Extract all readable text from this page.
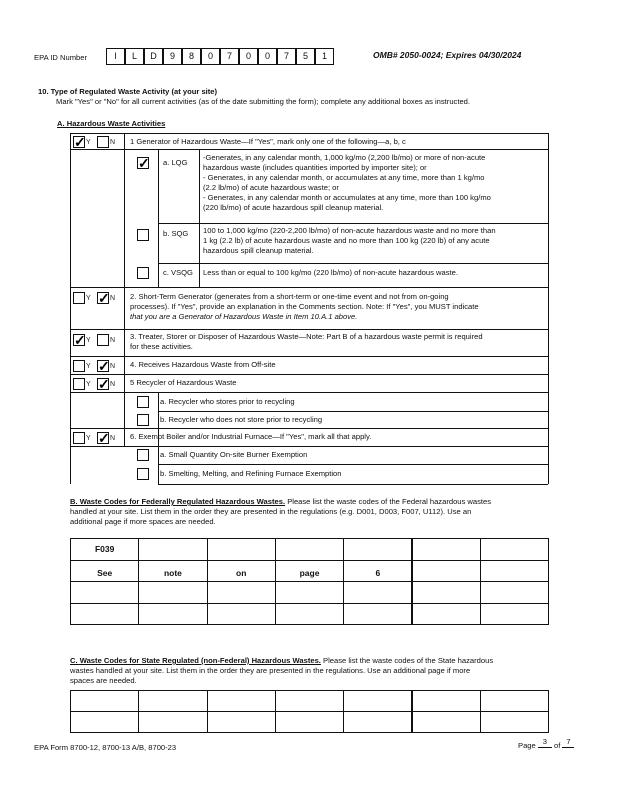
EPA ID Number	I	L	D	9	8	0	7	0	0	7	5	1	OMB# 2050-0024; Expires 04/30/2024
10. Type of Regulated Waste Activity (at your site)
Mark "Yes" or "No" for all current activities (as of the date submitting the form); complete any additional boxes as instructed.
A. Hazardous Waste Activities
✓ Y	N 1 Generator of Hazardous Waste—If "Yes", mark only one of the following—a, b, c
✓ a. LQG
-Generates, in any calendar month, 1,000 kg/mo (2,200 lb/mo) or more of non-acute
hazardous waste (includes quantities imported by importer site); or
- Generates, in any calendar month, or accumulates at any time, more than 1 kg/mo
(2.2 lb/mo) of acute hazardous waste; or
- Generates, in any calendar month or accumulates at any time, more than 100 kg/mo
(220 lb/mo) of acute hazardous spill cleanup material.
b. SQG 100 to 1,000 kg/mo (220-2,200 lb/mo) of non-acute hazardous waste and no more than
1 kg (2.2 lb) of acute hazardous waste and no more than 100 kg (220 lb) of any acute
hazardous spill cleanup material.
c. VSQG Less than or equal to 100 kg/mo (220 lb/mo) of non-acute hazardous waste.
Y ✓ N 2. Short-Term Generator (generates from a short-term or one-time event and not from on-going
processes). If "Yes", provide an explanation in the Comments section. Note: If "Yes", you MUST indicate
that you are a Generator of Hazardous Waste in Item 10.A.1 above.
✓ Y	N 3. Treater, Storer or Disposer of Hazardous Waste—Note: Part B of a hazardous waste permit is required
for these activities.
Y ✓ N 4. Receives Hazardous Waste from Off-site
Y ✓ N 5 Recycler of Hazardous Waste
a. Recycler who stores prior to recycling
b. Recycler who does not store prior to recycling
Y ✓ N 6. Exempt Boiler and/or Industrial Furnace—If "Yes", mark all that apply.
a. Small Quantity On-site Burner Exemption
b. Smelting, Melting, and Refining Furnace Exemption
B. Waste Codes for Federally Regulated Hazardous Wastes. Please list the waste codes of the Federal hazardous wastes
handled at your site. List them in the order they are presented in the regulations (e.g. D001, D003, F007, U112). Use an
additional page if more spaces are needed.
F039
See	note	on	page	6
C. Waste Codes for State Regulated (non-Federal) Hazardous Wastes. Please list the waste codes of the State hazardous
wastes handled at your site. List them in the order they are presented in the regulations. Use an additional page if more
spaces are needed.
EPA Form 8700-12, 8700-13 A/B, 8700-23	Page 3 of 7
